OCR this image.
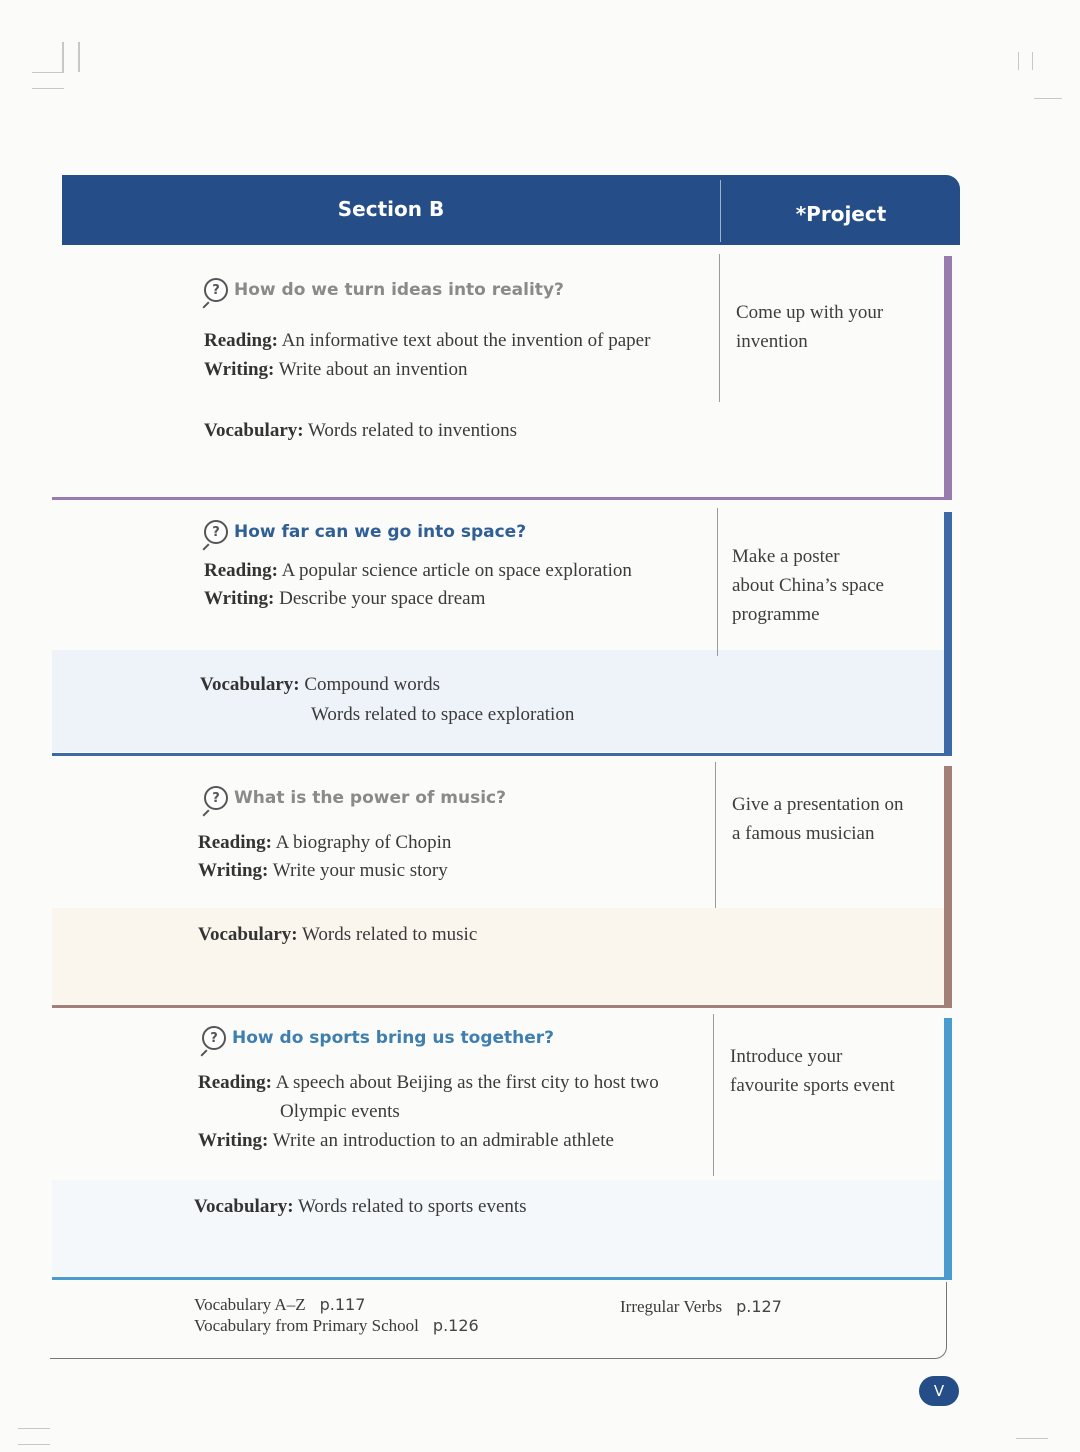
Section B	*Project
? How do we turn ideas into reality?
Reading: An informative text about the invention of paper
Writing: Write about an invention
Vocabulary: Words related to inventions
Come up with your
invention
? How far can we go into space?
Reading: A popular science article on space exploration
Writing: Describe your space dream
Vocabulary: Compound words
Words related to space exploration
Make a poster
about China’s space
programme
? What is the power of music?
Reading: A biography of Chopin
Writing: Write your music story
Vocabulary: Words related to music
Give a presentation on
a famous musician
? How do sports bring us together?
Reading: A speech about Beijing as the first city to host two
Olympic events
Writing: Write an introduction to an admirable athlete
Vocabulary: Words related to sports events
Introduce your
favourite sports event
Vocabulary A–Z p.117
Vocabulary from Primary School p.126
Irregular Verbs p.127
V
